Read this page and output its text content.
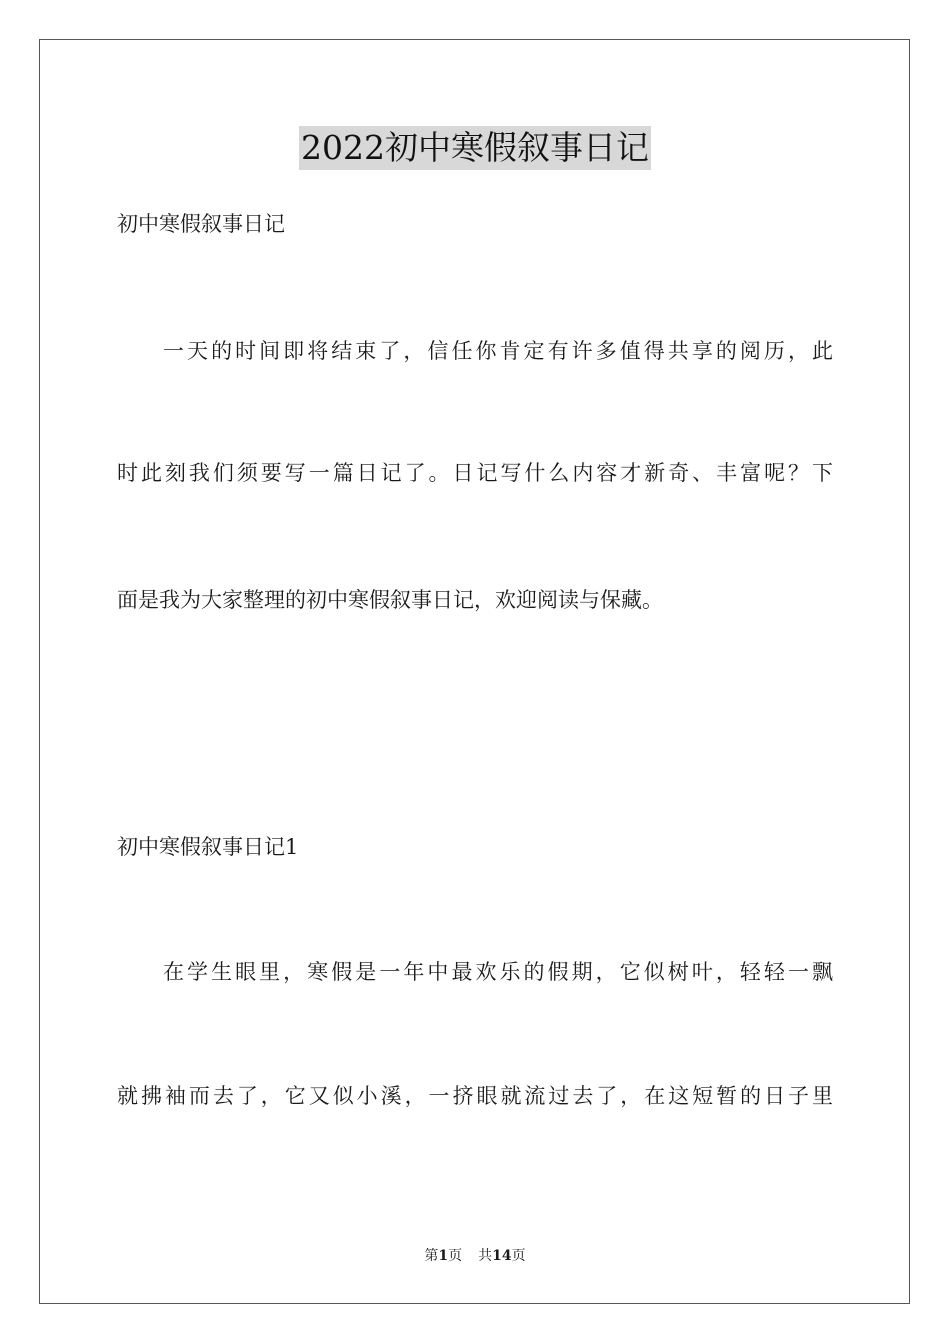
2022初中寒假叙事日记
初中寒假叙事日记
一天的时间即将结束了，信任你肯定有许多值得共享的阅历，此
时此刻我们须要写一篇日记了。日记写什么内容才新奇、丰富呢？下
面是我为大家整理的初中寒假叙事日记，欢迎阅读与保藏。
初中寒假叙事日记1
在学生眼里，寒假是一年中最欢乐的假期，它似树叶，轻轻一飘
就拂袖而去了，它又似小溪，一挤眼就流过去了，在这短暂的日子里
第1页 共14页
